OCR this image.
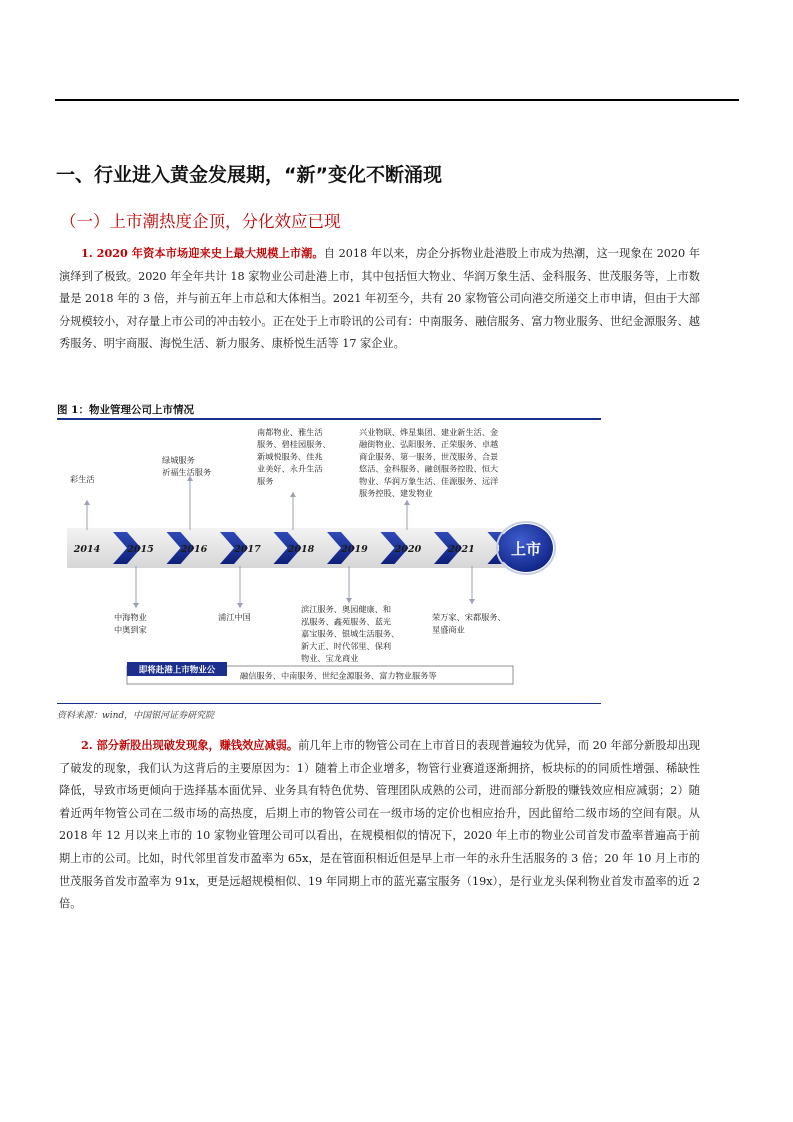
一、行业进入黄金发展期，“新”变化不断涌现
（一）上市潮热度企顶，分化效应已现
1. 2020 年资本市场迎来史上最大规模上市潮。自 2018 年以来，房企分拆物业赴港股上市成为热潮，这一现象在 2020 年演绎到了极致。2020 年全年共计 18 家物业公司赴港上市，其中包括恒大物业、华润万象生活、金科服务、世茂服务等，上市数量是 2018 年的 3 倍，并与前五年上市总和大体相当。2021 年初至今，共有 20 家物管公司向港交所递交上市申请，但由于大部分规模较小，对存量上市公司的冲击较小。正在处于上市聆讯的公司有：中南服务、融信服务、富力物业服务、世纪金源服务、越秀服务、明宇商服、海悦生活、新力服务、康桥悦生活等 17 家企业。
图 1：物业管理公司上市情况
2014	2015	2016	2017	2018	2019	2020	2021
彩生活
绿城服务
祈福生活服务
南都物业、雅生活
服务、碧桂园服务、
新城悦服务、佳兆
业美好、永升生活
服务
兴业物联、烨星集团、建业新生活、金
融街物业、弘阳服务、正荣服务、卓越
商企服务、第一服务、世茂服务、合景
悠活、金科服务、融创服务控股、恒大
物业、华润万象生活、佳源服务、远洋
服务控股、建发物业
中海物业
中奥到家
浦江中国
滨江服务、奥园健康、和
泓服务、鑫苑服务、蓝光
嘉宝服务、银城生活服务、
新大正、时代邻里、保利
物业、宝龙商业
荣万家、宋都服务、
星盛商业
上市
即将赴港上市物业公	融信服务、中南服务、世纪金源服务、富力物业服务等
资料来源：wind，中国银河证券研究院
2. 部分新股出现破发现象，赚钱效应减弱。前几年上市的物管公司在上市首日的表现普遍较为优异，而 20 年部分新股却出现了破发的现象，我们认为这背后的主要原因为：1）随着上市企业增多，物管行业赛道逐渐拥挤，板块标的的同质性增强、稀缺性降低，导致市场更倾向于选择基本面优异、业务具有特色优势、管理团队成熟的公司，进而部分新股的赚钱效应相应减弱；2）随着近两年物管公司在二级市场的高热度，后期上市的物管公司在一级市场的定价也相应抬升，因此留给二级市场的空间有限。从 2018 年 12 月以来上市的 10 家物业管理公司可以看出，在规模相似的情况下，2020 年上市的物业公司首发市盈率普遍高于前期上市的公司。比如，时代邻里首发市盈率为 65x，是在管面积相近但是早上市一年的永升生活服务的 3 倍；20 年 10 月上市的世茂服务首发市盈率为 91x，更是远超规模相似、19 年同期上市的蓝光嘉宝服务（19x），是行业龙头保利物业首发市盈率的近 2 倍。
